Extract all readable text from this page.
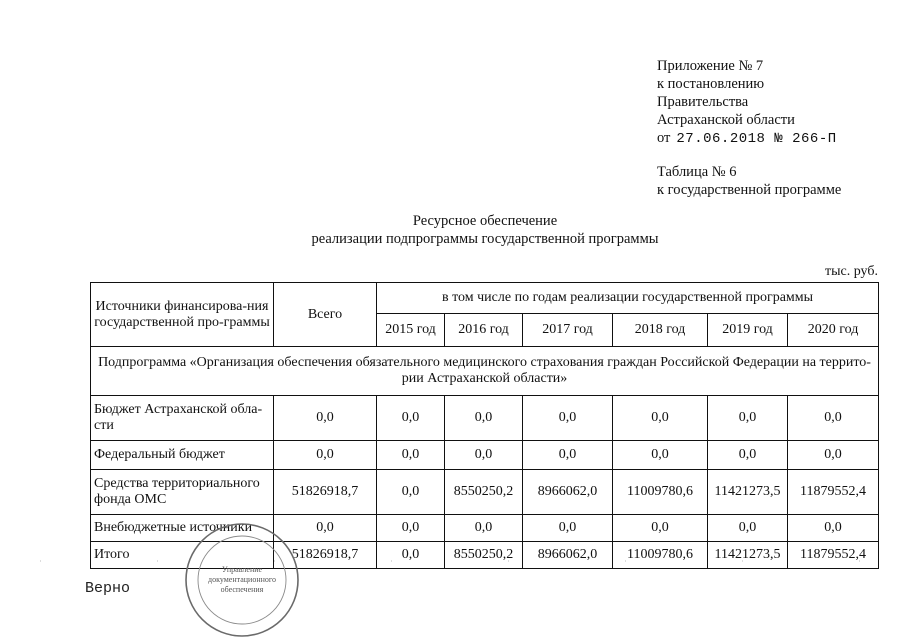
Приложение № 7
к постановлению
Правительства
Астраханской области
от 27.06.2018 № 266-П
Таблица № 6
к государственной программе
Ресурсное обеспечение
реализации подпрограммы государственной программы
тыс. руб.
Источники финансирова-ния государственной про-граммы	Всего	в том числе по годам реализации государственной программы					
		2015 год	2016 год	2017 год	2018 год	2019 год	2020 год
Подпрограмма «Организация обеспечения обязательного медицинского страхования граждан Российской Федерации на террито-рии Астраханской области»							
Бюджет Астраханской обла-сти	0,0	0,0	0,0	0,0	0,0	0,0	0,0
Федеральный бюджет	0,0	0,0	0,0	0,0	0,0	0,0	0,0
Средства территориального фонда ОМС	51826918,7	0,0	8550250,2	8966062,0	11009780,6	11421273,5	11879552,4
Внебюджетные источники	0,0	0,0	0,0	0,0	0,0	0,0	0,0
Итого	51826918,7	0,0	8550250,2	8966062,0	11009780,6	11421273,5	11879552,4
Верно
Управление
документационного
обеспечения
